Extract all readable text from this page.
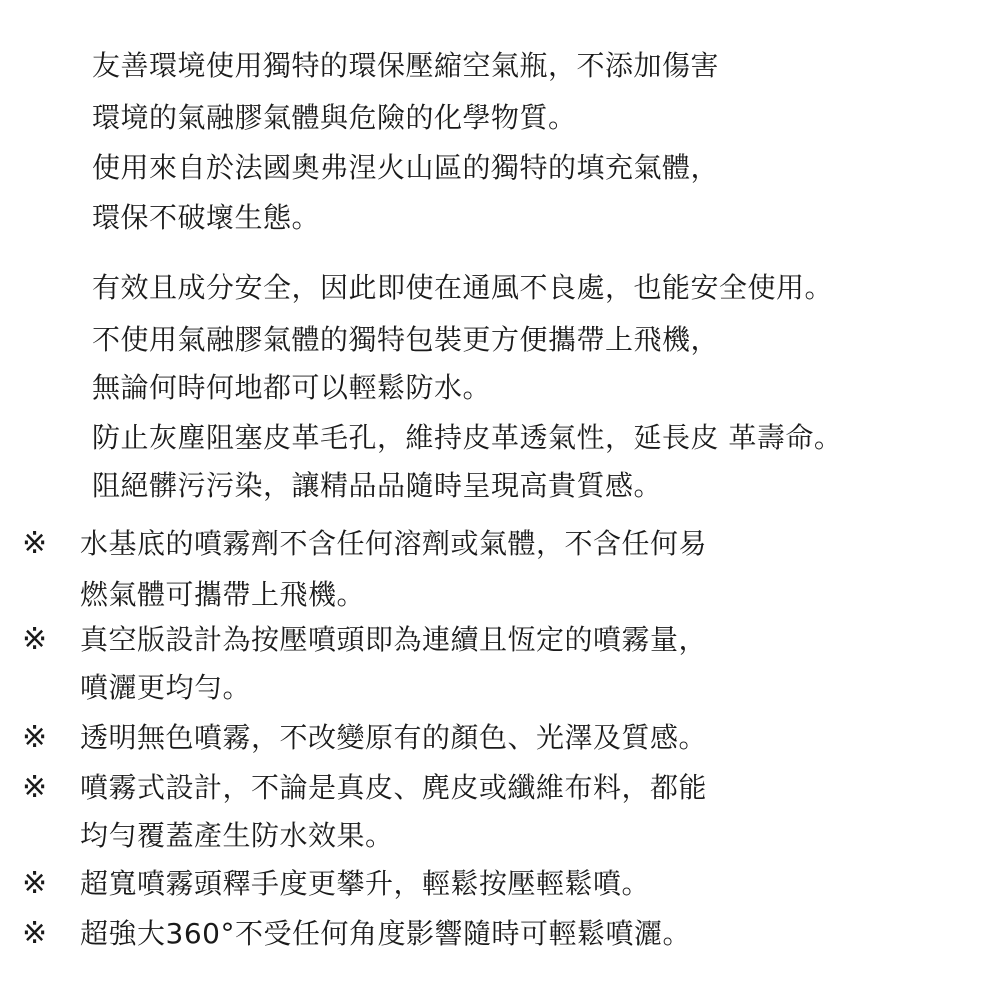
友善環境使用獨特的環保壓縮空氣瓶，不添加傷害
環境的氣融膠氣體與危險的化學物質。
使用來自於法國奧弗涅火山區的獨特的填充氣體，
環保不破壞生態。
有效且成分安全，因此即使在通風不良處，也能安全使用。
不使用氣融膠氣體的獨特包裝更方便攜帶上飛機，
無論何時何地都可以輕鬆防水。
防止灰塵阻塞皮革毛孔，維持皮革透氣性，延長皮 革壽命。
阻絕髒污污染，讓精品品隨時呈現高貴質感。
※ 水基底的噴霧劑不含任何溶劑或氣體，不含任何易
燃氣體可攜帶上飛機。
※ 真空版設計為按壓噴頭即為連續且恆定的噴霧量，
噴灑更均勻。
※ 透明無色噴霧，不改變原有的顏色、光澤及質感。
※ 噴霧式設計，不論是真皮、麂皮或纖維布料，都能
均勻覆蓋產生防水效果。
※ 超寬噴霧頭釋手度更攀升，輕鬆按壓輕鬆噴。
※ 超強大360°不受任何角度影響隨時可輕鬆噴灑。
